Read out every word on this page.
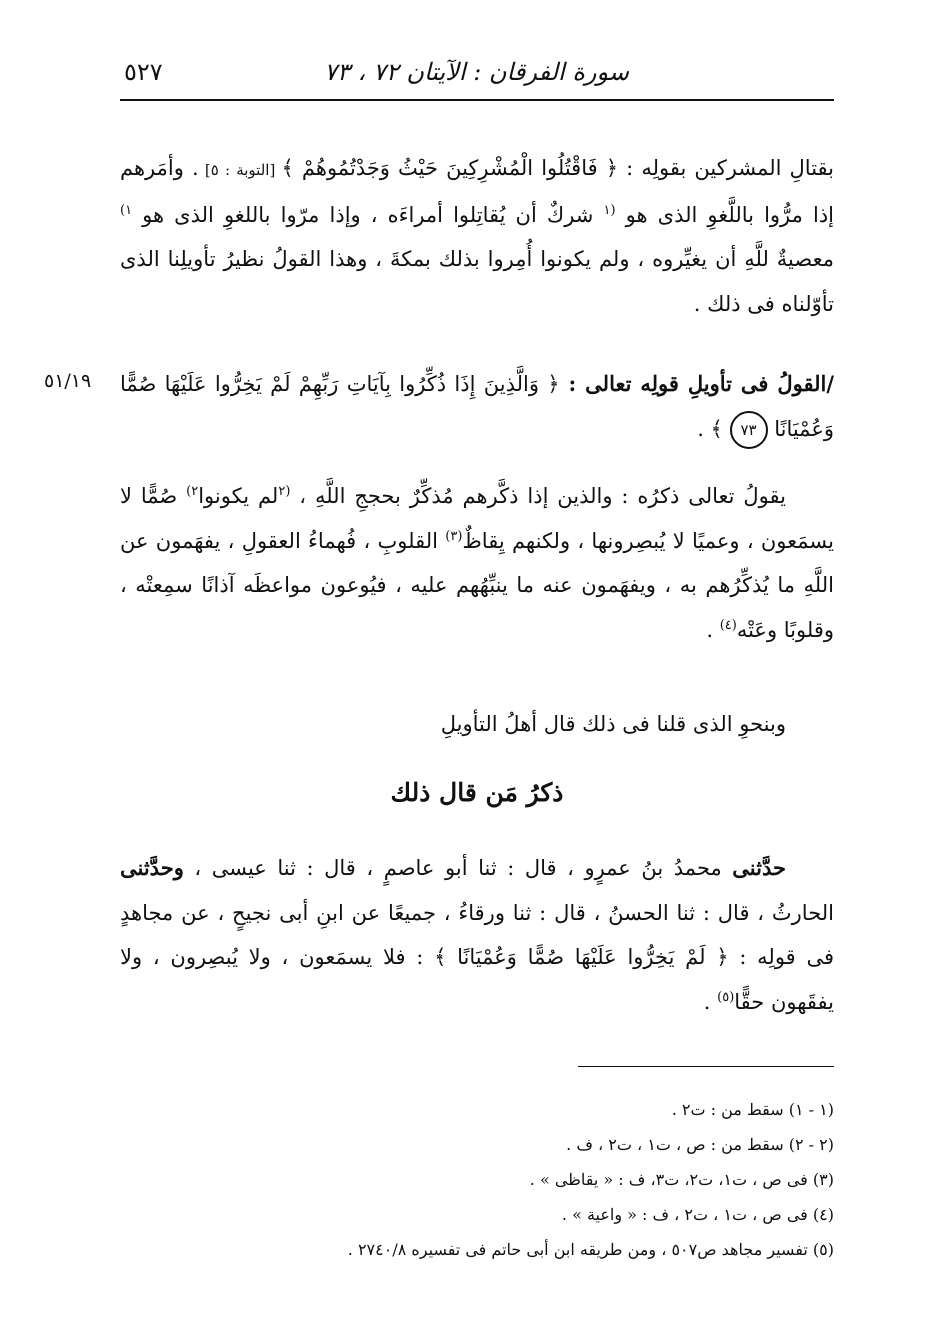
سورة الفرقان : الآيتان ٧٢ ، ٧٣
٥٢٧

بقتالِ المشركين بقولِه : ﴿ فَاقْتُلُوا الْمُشْرِكِينَ حَيْثُ وَجَدْتُمُوهُمْ ﴾ [التوبة : ٥] . وأمَرهم إذا مرُّوا باللَّغوِ الذى هو $^{(١}$ شركٌ أن يُقاتِلوا أمراءَه ، وإذا مرّوا باللغوِ الذى هو $^{١)}$ معصيةٌ للَّهِ أن يغيِّروه ، ولم يكونوا أُمِروا بذلك بمكةَ ، وهذا القولُ نظيرُ تأويلِنا الذى تأوّلناه فى ذلك .

٥١/١٩	/القولُ فى تأويلِ قولِه تعالى : ﴿ وَالَّذِينَ إِذَا ذُكِّرُوا بِآيَاتِ رَبِّهِمْ لَمْ يَخِرُّوا عَلَيْهَا صُمًّا وَعُمْيَانًا ٧٣ ﴾ .

يقولُ تعالى ذكرُه : والذين إذا ذكَّرهم مُذكِّرٌ بحججِ اللَّهِ ، $^{(٢}$لم يكونوا$^{٢)}$ صُمًّا لا يسمَعون ، وعميًا لا يُبصِرونها ، ولكنهم يِقاظٌ$^{(٣)}$ القلوبِ ، فُهماءُ العقولِ ، يفهَمون عن اللَّهِ ما يُذكِّرُهم به ، ويفهَمون عنه ما ينبِّهُهم عليه ، فيُوعون مواعظَه آذانًا سمِعتْه ، وقلوبًا وعَتْه$^{(٤)}$ .

وبنحوِ الذى قلنا فى ذلك قال أهلُ التأويلِ

ذكرُ مَن قال ذلك

حدَّثنى محمدُ بنُ عمرٍو ، قال : ثنا أبو عاصمٍ ، قال : ثنا عيسى ، وحدَّثنى الحارثُ ، قال : ثنا الحسنُ ، قال : ثنا ورقاءُ ، جميعًا عن ابنِ أبى نجيحٍ ، عن مجاهدٍ فى قولِه : ﴿ لَمْ يَخِرُّوا عَلَيْهَا صُمًّا وَعُمْيَانًا ﴾ : فلا يسمَعون ، ولا يُبصِرون ، ولا يفقَهون حقًّا$^{(٥)}$ .

(١ - ١) سقط من : ت٢ .
(٢ - ٢) سقط من : ص ، ت١ ، ت٢ ، ف .
(٣) فى ص ، ت١، ت٢، ت٣، ف : « يقاظى » .
(٤) فى ص ، ت١ ، ت٢ ، ف : « واعية » .
(٥) تفسير مجاهد ص٥٠٧ ، ومن طريقه ابن أبى حاتم فى تفسيره ٢٧٤٠/٨ .
